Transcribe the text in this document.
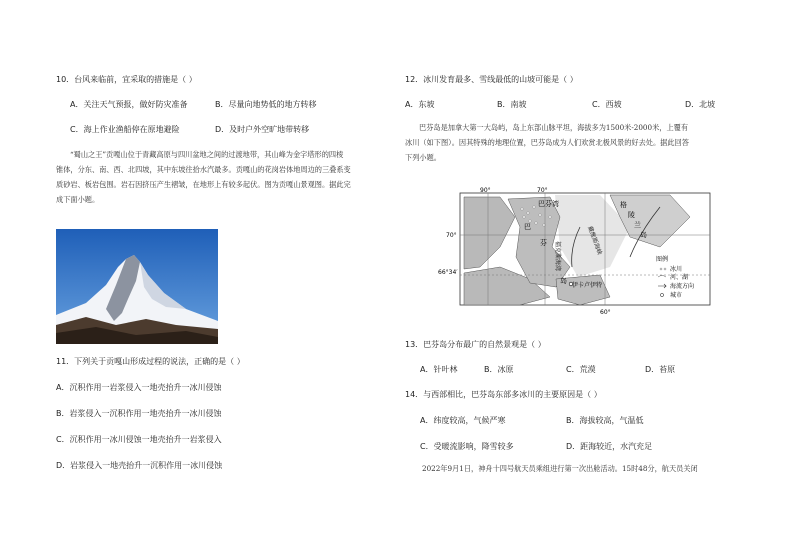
10．台风来临前，宜采取的措施是（ ）
A．关注天气预报，做好防灾准备	B．尽量向地势低的地方转移
C．海上作业渔船停在原地避险	D．及时户外空旷地带转移
“蜀山之王”贡嘎山位于青藏高原与四川盆地之间的过渡地带，其山峰为金字塔形的四棱
锥体，分东、南、西、北四坡，其中东坡往拾水汽最多。贡嘎山的花岗岩体地周边的三叠系变
质砂岩、板岩包围。岩石因挤压产生褶皱，在地形上有较多起伏。图为贡嘎山景观图。据此完
成下面小题。
11．下列关于贡嘎山形成过程的说法，正确的是（ ）
A．沉积作用一岩浆侵入一地壳抬升一冰川侵蚀
B．岩浆侵入一沉积作用一地壳抬升一冰川侵蚀
C．沉积作用一冰川侵蚀一地壳抬升一岩浆侵入
D．岩浆侵入一地壳抬升一沉积作用一冰川侵蚀
12．冰川发育最多、雪线最低的山坡可能是（ ）
A．东坡	B．南坡	C．西坡	D．北坡
巴芬岛是加拿大第一大岛屿，岛上东部山脉平坦，海拔多为1500米-2000米，上覆有
冰川（如下图）。因其特殊的地理位置，巴芬岛成为人们欢赏北极风景的好去处。据此回答
下列小题。
90°	70°
60°
70°
66°34′
巴芬湾	格
陵
兰
岛
巴
芬
岛
伊卡卢伊特
戴维斯海峡
福克斯海湾	图例
冰川
河、湖
海流方向
城市
13．巴芬岛分布最广的自然景观是（ ）
A．针叶林	B．冰原	C．荒漠	D．苔原
14．与西部相比，巴芬岛东部多冰川的主要原因是（ ）
A．纬度较高，气候严寒	B．海拔较高，气温低
C．受暖流影响，降雪较多	D．距海较近，水汽充足
2022年9月1日，神舟十四号航天员乘组进行第一次出舱活动。15时48分，航天员关闭
